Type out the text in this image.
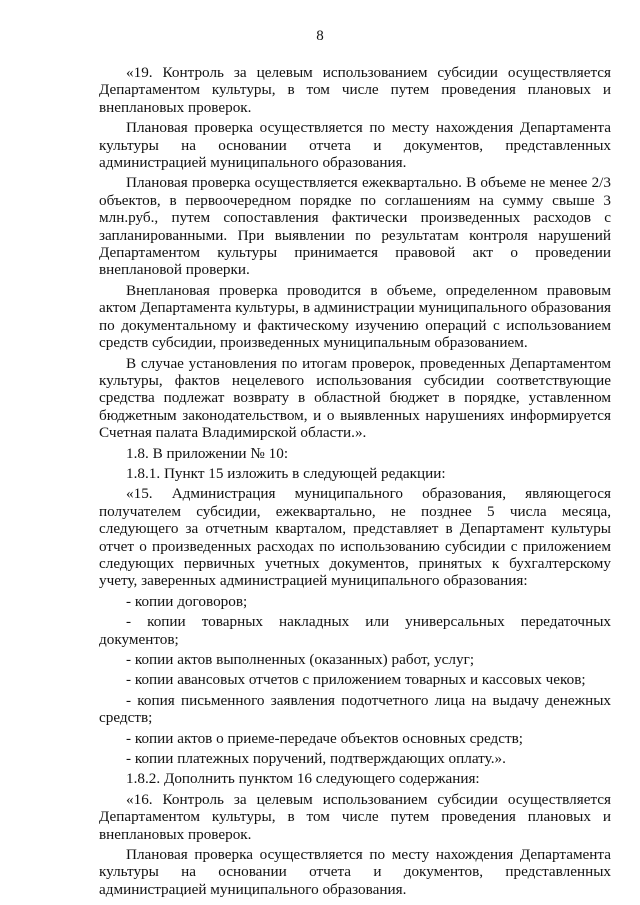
8

«19. Контроль за целевым использованием субсидии осуществляется Департаментом культуры, в том числе путем проведения плановых и внеплановых проверок.

Плановая проверка осуществляется по месту нахождения Департамента культуры на основании отчета и документов, представленных администрацией муниципального образования.

Плановая проверка осуществляется ежеквартально. В объеме не менее 2/3 объектов, в первоочередном порядке по соглашениям на сумму свыше 3 млн.руб., путем сопоставления фактически произведенных расходов с запланированными. При выявлении по результатам контроля нарушений Департаментом культуры принимается правовой акт о проведении внеплановой проверки.

Внеплановая проверка проводится в объеме, определенном правовым актом Департамента культуры, в администрации муниципального образования по документальному и фактическому изучению операций с использованием средств субсидии, произведенных муниципальным образованием.

В случае установления по итогам проверок, проведенных Департаментом культуры, фактов нецелевого использования субсидии соответствующие средства подлежат возврату в областной бюджет в порядке, уставленном бюджетным законодательством, и о выявленных нарушениях информируется Счетная палата Владимирской области.».

1.8. В приложении № 10:

1.8.1. Пункт 15 изложить в следующей редакции:

«15. Администрация муниципального образования, являющегося получателем субсидии, ежеквартально, не позднее 5 числа месяца, следующего за отчетным кварталом, представляет в Департамент культуры отчет о произведенных расходах по использованию субсидии с приложением следующих первичных учетных документов, принятых к бухгалтерскому учету, заверенных администрацией муниципального образования:

- копии договоров;

- копии товарных накладных или универсальных передаточных документов;

- копии актов выполненных (оказанных) работ, услуг;

- копии авансовых отчетов с приложением товарных и кассовых чеков;

- копия письменного заявления подотчетного лица на выдачу денежных средств;

- копии актов о приеме-передаче объектов основных средств;

- копии платежных поручений, подтверждающих оплату.».

1.8.2. Дополнить пунктом 16 следующего содержания:

«16. Контроль за целевым использованием субсидии осуществляется Департаментом культуры, в том числе путем проведения плановых и внеплановых проверок.

Плановая проверка осуществляется по месту нахождения Департамента культуры на основании отчета и документов, представленных администрацией муниципального образования.
